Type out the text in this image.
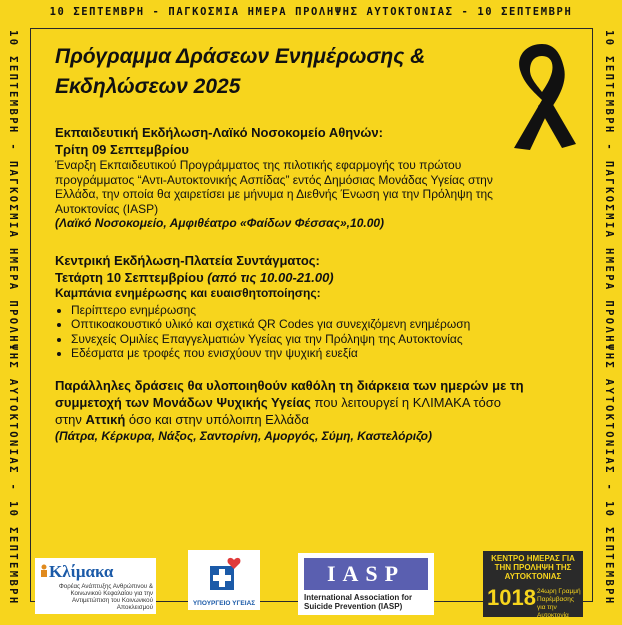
10 ΣΕΠΤΕΜΒΡΗ - ΠΑΓΚΟΣΜΙΑ ΗΜΕΡΑ ΠΡΟΛΗΨΗΣ ΑΥΤΟΚΤΟΝΙΑΣ - 10 ΣΕΠΤΕΜΒΡΗ
10 ΣΕΠΤΕΜΒΡΗ - ΠΑΓΚΟΣΜΙΑ ΗΜΕΡΑ ΠΡΟΛΗΨΗΣ ΑΥΤΟΚΤΟΝΙΑΣ - 10 ΣΕΠΤΕΜΒΡΗ	10 ΣΕΠΤΕΜΒΡΗ - ΠΑΓΚΟΣΜΙΑ ΗΜΕΡΑ ΠΡΟΛΗΨΗΣ ΑΥΤΟΚΤΟΝΙΑΣ - 10 ΣΕΠΤΕΜΒΡΗ
Πρόγραμμα Δράσεων Ενημέρωσης &
Εκδηλώσεων 2025
Εκπαιδευτική Εκδήλωση-Λαϊκό Νοσοκομείο Αθηνών:
Τρίτη 09 Σεπτεμβρίου

Έναρξη Εκπαιδευτικού Προγράμματος της πιλοτικής εφαρμογής του πρώτου προγράμματος “Αντι-Αυτοκτονικής Ασπίδας” εντός Δημόσιας Μονάδας Υγείας στην Ελλάδα, την οποία θα χαιρετίσει με μήνυμα η Διεθνής Ένωση για την Πρόληψη της Αυτοκτονίας (IASP)

(Λαϊκό Νοσοκομείο, Αμφιθέατρο «Φαίδων Φέσσας»,10.00)
Κεντρική Εκδήλωση-Πλατεία Συντάγματος:
Τετάρτη 10 Σεπτεμβρίου (από τις 10.00-21.00)
Καμπάνια ενημέρωσης και ευαισθητοποίησης:
• Περίπτερο ενημέρωσης
• Οπτικοακουστικό υλικό και σχετικά QR Codes για συνεχιζόμενη ενημέρωση
• Συνεχείς Ομιλίες Επαγγελματιών Υγείας για την Πρόληψη της Αυτοκτονίας
• Εδέσματα με τροφές που ενισχύουν την ψυχική ευεξία
Παράλληλες δράσεις θα υλοποιηθούν καθόλη τη διάρκεια των ημερών με τη συμμετοχή των Μονάδων Ψυχικής Υγείας που λειτουργεί η ΚΛΙΜΑΚΑ τόσο στην Αττική όσο και στην υπόλοιπη Ελλάδα
(Πάτρα, Κέρκυρα, Νάξος, Σαντορίνη, Αμοργός, Σύμη, Καστελόριζο)
Κλίμακα
Φορέας Ανάπτυξης Ανθρώπινου & Κοινωνικού Κεφαλαίου για την Αντιμετώπιση του Κοινωνικού Αποκλεισμού
ΥΠΟΥΡΓΕΙΟ ΥΓΕΙΑΣ
IASP
International Association for Suicide Prevention (IASP)
ΚΕΝΤΡΟ ΗΜΕΡΑΣ ΓΙΑ ΤΗΝ ΠΡΟΛΗΨΗ ΤΗΣ ΑΥΤΟΚΤΟΝΙΑΣ
1018 24ωρη Γραμμή Παρέμβασης για την Αυτοκτονία
